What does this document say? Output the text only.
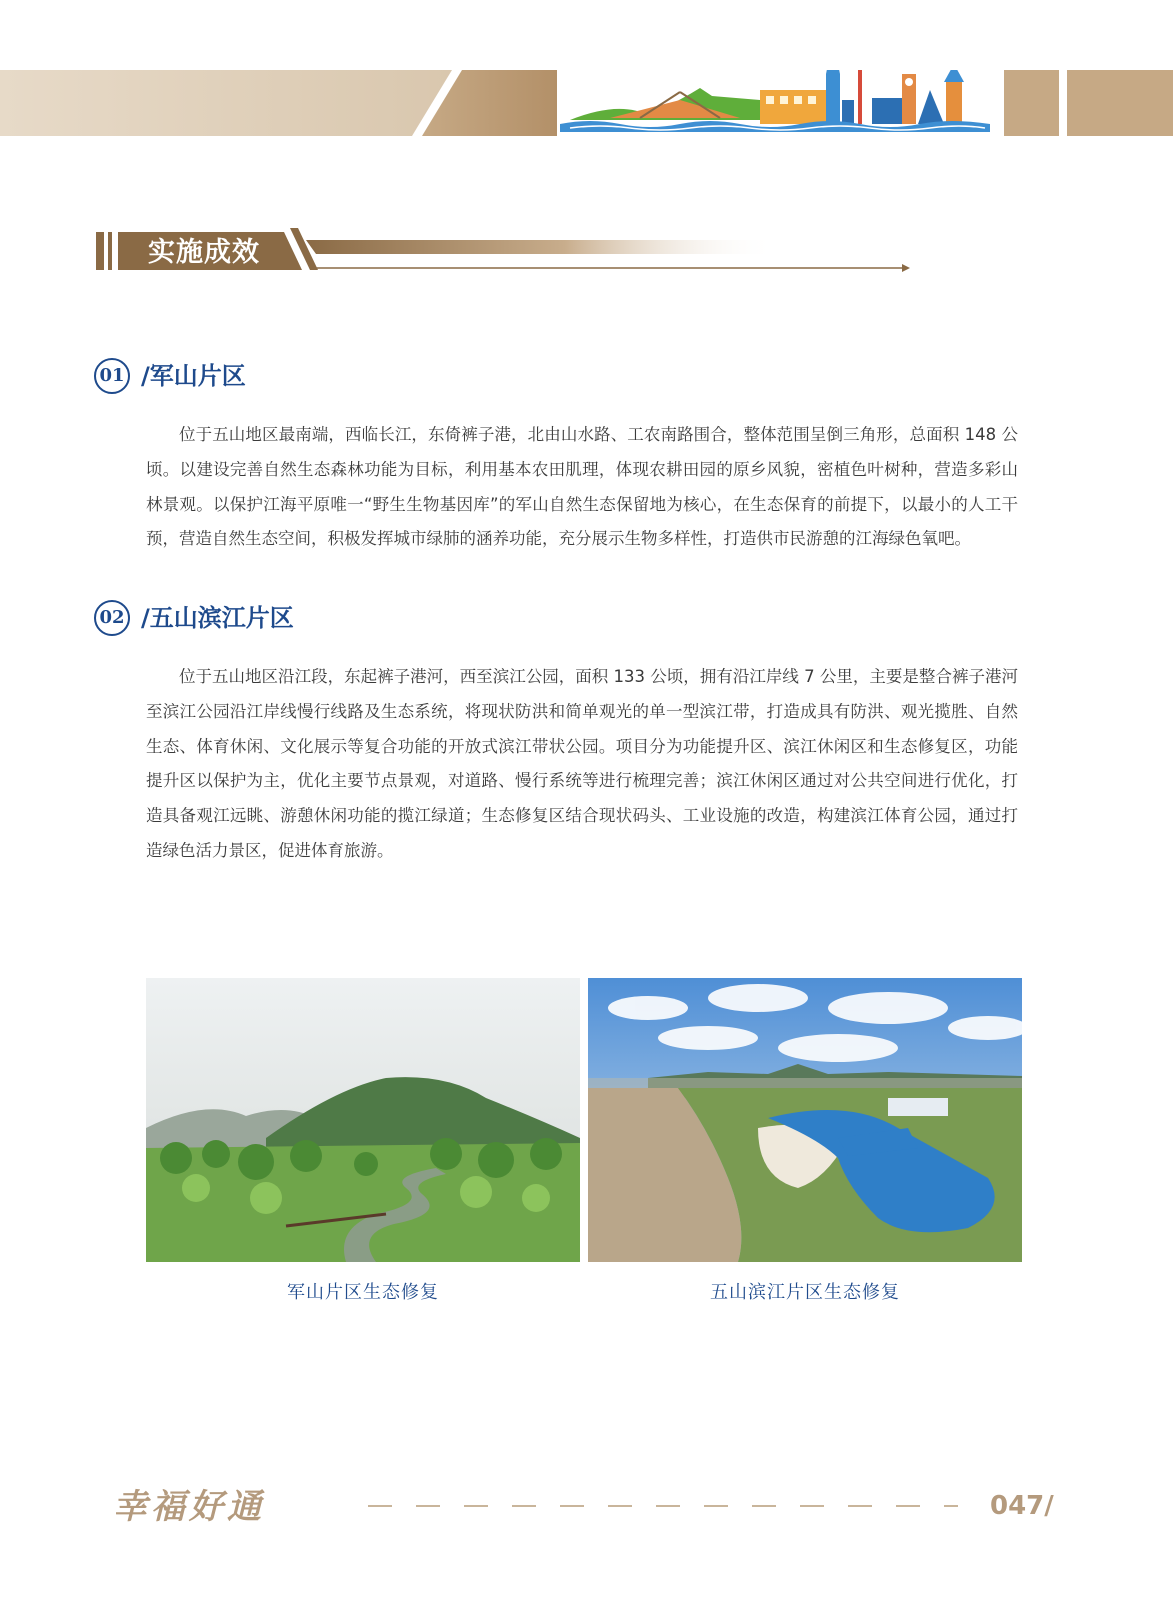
实施成效
01 /军山片区

位于五山地区最南端，西临长江，东倚裤子港，北由山水路、工农南路围合，整体范围呈倒三角形，总面积 148 公顷。以建设完善自然生态森林功能为目标，利用基本农田肌理，体现农耕田园的原乡风貌，密植色叶树种，营造多彩山林景观。以保护江海平原唯一“野生生物基因库”的军山自然生态保留地为核心，在生态保育的前提下，以最小的人工干预，营造自然生态空间，积极发挥城市绿肺的涵养功能，充分展示生物多样性，打造供市民游憩的江海绿色氧吧。

02 /五山滨江片区

位于五山地区沿江段，东起裤子港河，西至滨江公园，面积 133 公顷，拥有沿江岸线 7 公里，主要是整合裤子港河至滨江公园沿江岸线慢行线路及生态系统，将现状防洪和简单观光的单一型滨江带，打造成具有防洪、观光揽胜、自然生态、体育休闲、文化展示等复合功能的开放式滨江带状公园。项目分为功能提升区、滨江休闲区和生态修复区，功能提升区以保护为主，优化主要节点景观，对道路、慢行系统等进行梳理完善；滨江休闲区通过对公共空间进行优化，打造具备观江远眺、游憩休闲功能的揽江绿道；生态修复区结合现状码头、工业设施的改造，构建滨江体育公园，通过打造绿色活力景区，促进体育旅游。

军山片区生态修复	五山滨江片区生态修复
幸福好通	047/
